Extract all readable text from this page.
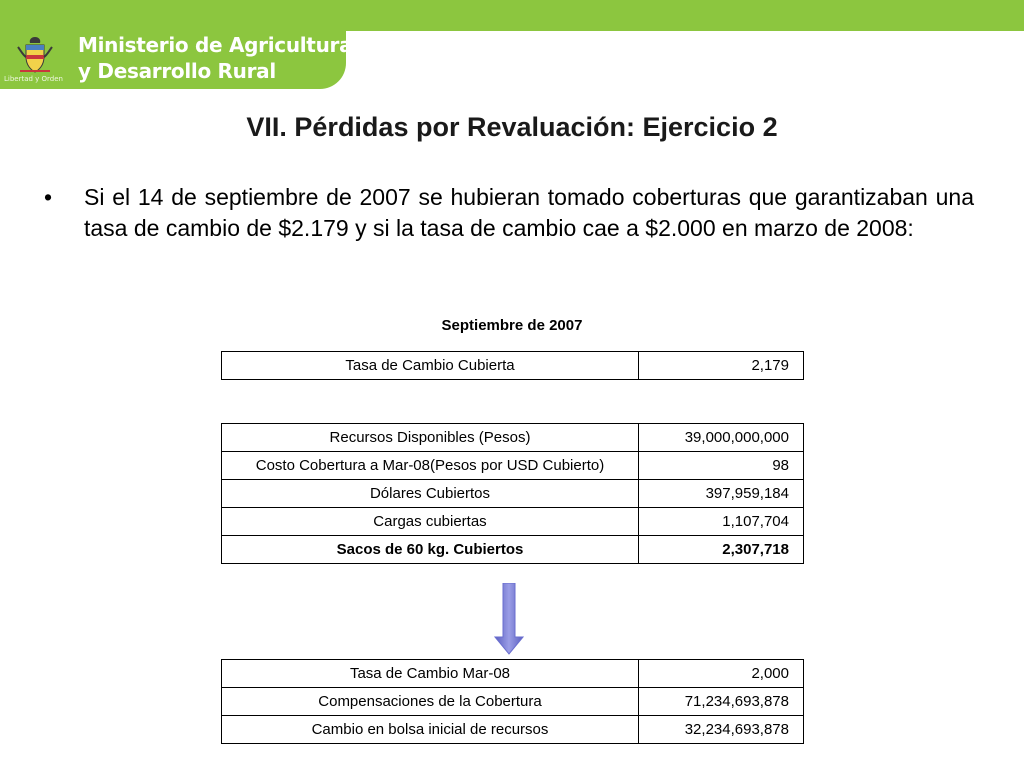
Libertad y Orden
Ministerio de Agricultura
y Desarrollo Rural
VII. Pérdidas por Revaluación: Ejercicio 2
• Si el 14 de septiembre de 2007 se hubieran tomado coberturas que garantizaban una tasa de cambio de $2.179 y si la tasa de cambio cae a $2.000 en marzo de 2008:
Septiembre de 2007
Tasa de Cambio Cubierta	2,179
Recursos Disponibles (Pesos)	39,000,000,000
Costo Cobertura a Mar-08(Pesos por USD Cubierto)	98
Dólares Cubiertos	397,959,184
Cargas cubiertas	1,107,704
Sacos de 60 kg. Cubiertos	2,307,718
Tasa de Cambio Mar-08	2,000
Compensaciones de la Cobertura	71,234,693,878
Cambio en bolsa inicial de recursos	32,234,693,878
